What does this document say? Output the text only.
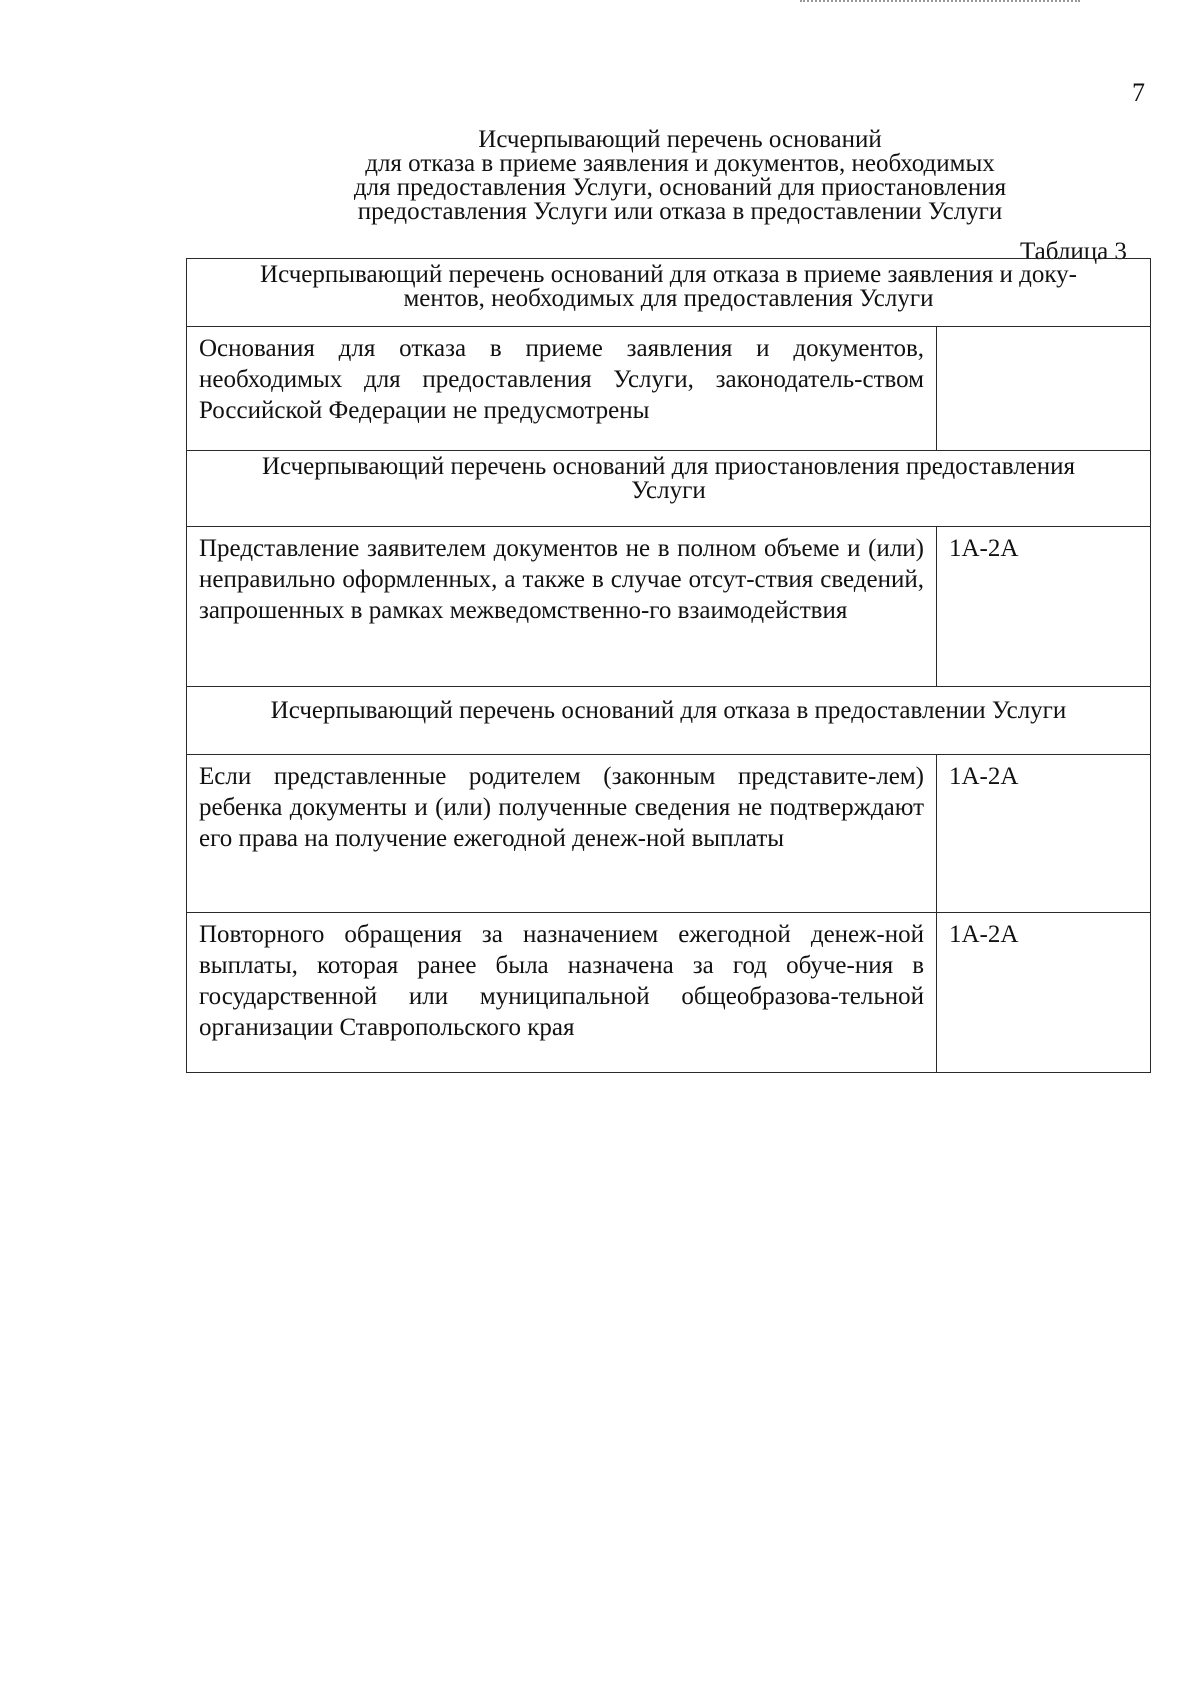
7
Исчерпывающий перечень оснований
для отказа в приеме заявления и документов, необходимых
для предоставления Услуги, оснований для приостановления
предоставления Услуги или отказа в предоставлении Услуги
Таблица 3
Исчерпывающий перечень оснований для отказа в приеме заявления и доку-
ментов, необходимых для предоставления Услуги	
Основания для отказа в приеме заявления и документов, необходимых для предоставления Услуги, законодатель-ством Российской Федерации не предусмотрены	
Исчерпывающий перечень оснований для приостановления предоставления
Услуги	
Представление заявителем документов не в полном объеме и (или) неправильно оформленных, а также в случае отсут-ствия сведений, запрошенных в рамках межведомственно-го взаимодействия	1А-2А
Исчерпывающий перечень оснований для отказа в предоставлении Услуги	
Если представленные родителем (законным представите-лем) ребенка документы и (или) полученные сведения не подтверждают его права на получение ежегодной денеж-ной выплаты	1А-2А
Повторного обращения за назначением ежегодной денеж-ной выплаты, которая ранее была назначена за год обуче-ния в государственной или муниципальной общеобразова-тельной организации Ставропольского края	1А-2А
